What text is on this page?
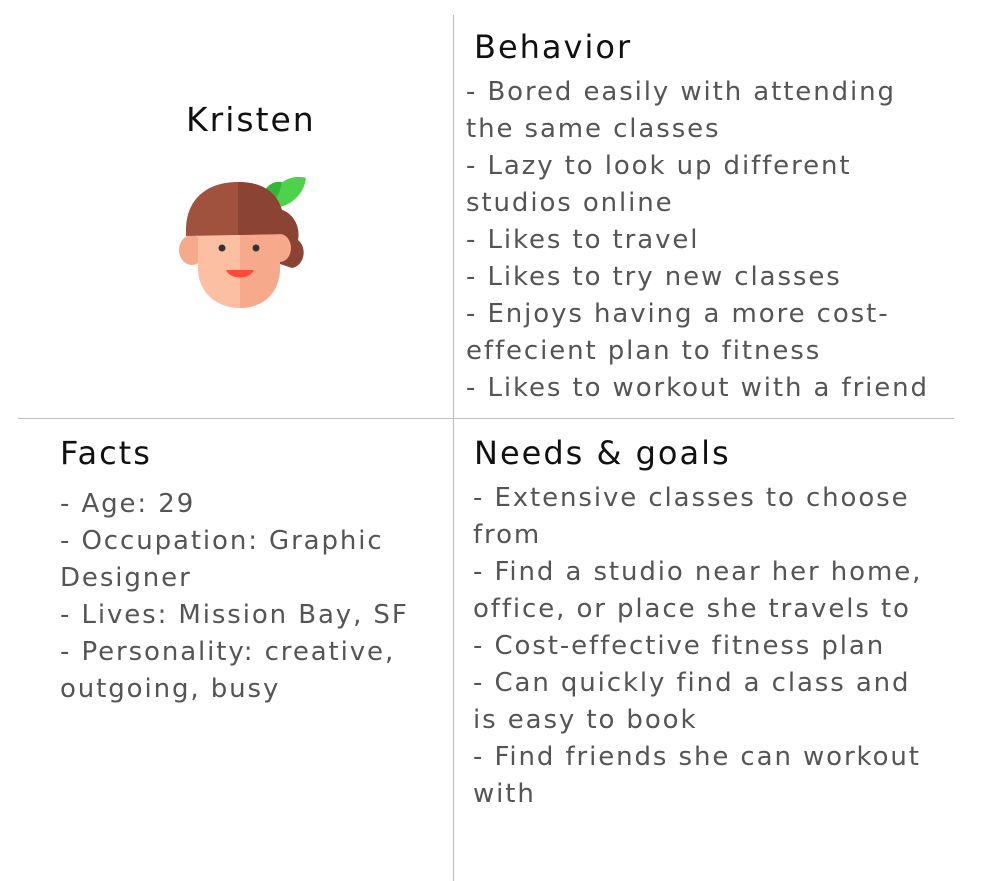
Kristen
Behavior
- Bored easily with attending the same classes
- Lazy to look up different studios online
- Likes to travel
- Likes to try new classes
- Enjoys having a more cost-effecient plan to fitness
- Likes to workout with a friend
Facts
- Age: 29
- Occupation: Graphic Designer
- Lives: Mission Bay, SF
- Personality: creative, outgoing, busy
Needs & goals
- Extensive classes to choose from
- Find a studio near her home, office, or place she travels to
- Cost-effective fitness plan
- Can quickly find a class and is easy to book
- Find friends she can workout with
